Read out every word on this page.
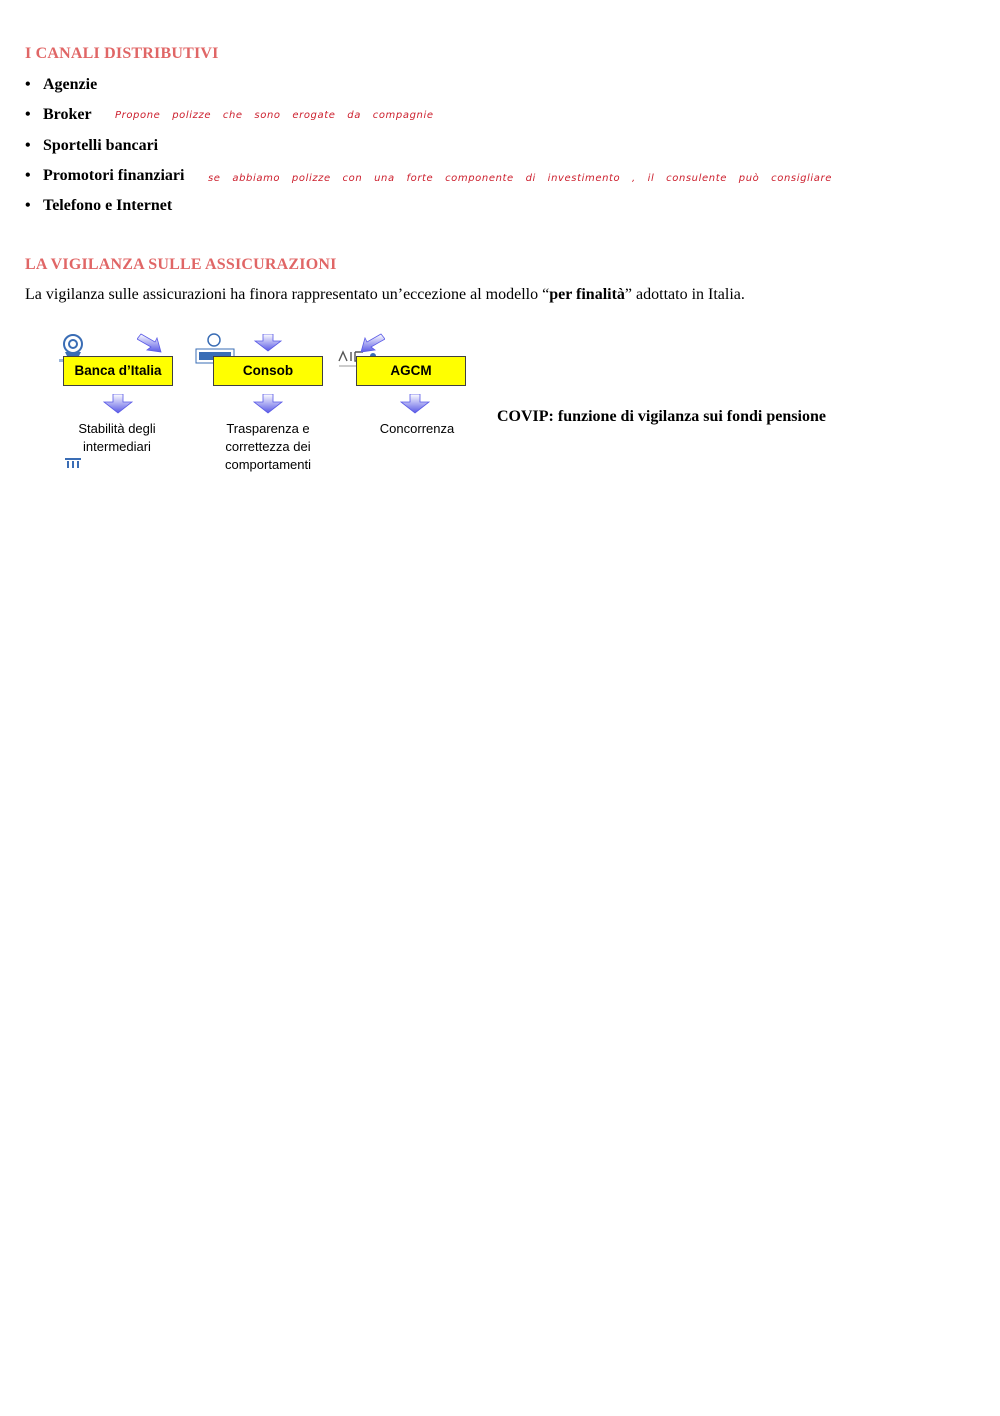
I CANALI DISTRIBUTIVI
• Agenzie
• Broker Propone polizze che sono erogate da compagnie
• Sportelli bancari
• Promotori finanziari se abbiamo polizze con una forte componente di investimento , il consulente può consigliare
• Telefono e Internet
LA VIGILANZA SULLE ASSICURAZIONI
La vigilanza sulle assicurazioni ha finora rappresentato un’eccezione al modello “per finalità” adottato in Italia.
Banca d’Italia	Consob	AGCM
Stabilità degli intermediari
Trasparenza e correttezza dei comportamenti
Concorrenza
COVIP: funzione di vigilanza sui fondi pensione
